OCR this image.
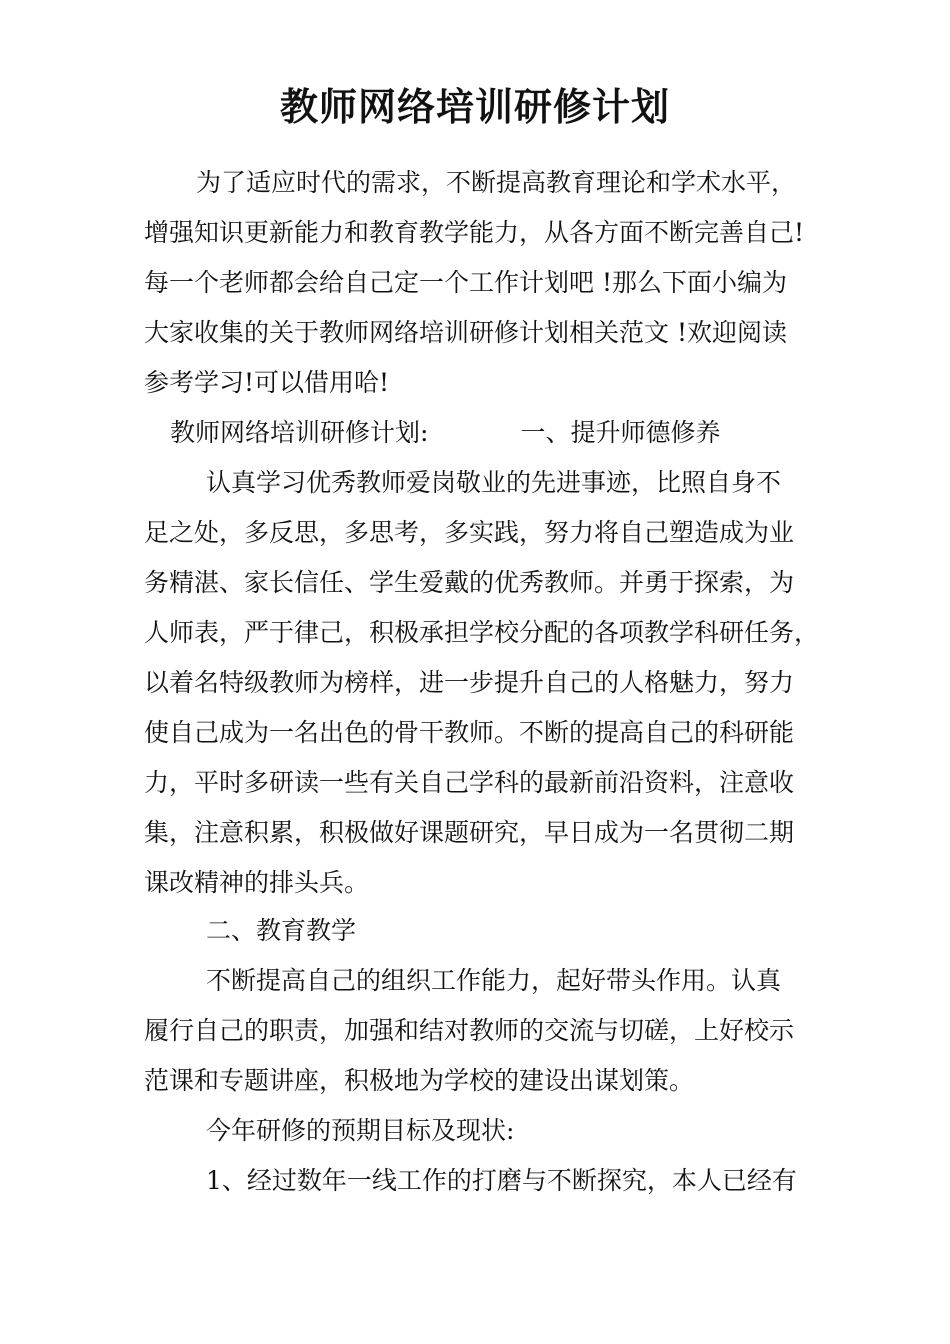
教师网络培训研修计划
为了适应时代的需求，不断提高教育理论和学术水平，
增强知识更新能力和教育教学能力，从各方面不断完善自己!
每一个老师都会给自己定一个工作计划吧 !那么下面小编为
大家收集的关于教师网络培训研修计划相关范文 !欢迎阅读
参考学习!可以借用哈!
教师网络培训研修计划:	一、提升师德修养
认真学习优秀教师爱岗敬业的先进事迹，比照自身不
足之处，多反思，多思考，多实践，努力将自己塑造成为业
务精湛、家长信任、学生爱戴的优秀教师。并勇于探索，为
人师表，严于律己，积极承担学校分配的各项教学科研任务，
以着名特级教师为榜样，进一步提升自己的人格魅力，努力
使自己成为一名出色的骨干教师。不断的提高自己的科研能
力，平时多研读一些有关自己学科的最新前沿资料，注意收
集，注意积累，积极做好课题研究，早日成为一名贯彻二期
课改精神的排头兵。
二、教育教学
不断提高自己的组织工作能力，起好带头作用。认真
履行自己的职责，加强和结对教师的交流与切磋，上好校示
范课和专题讲座，积极地为学校的建设出谋划策。
今年研修的预期目标及现状:
1、经过数年一线工作的打磨与不断探究，本人已经有
